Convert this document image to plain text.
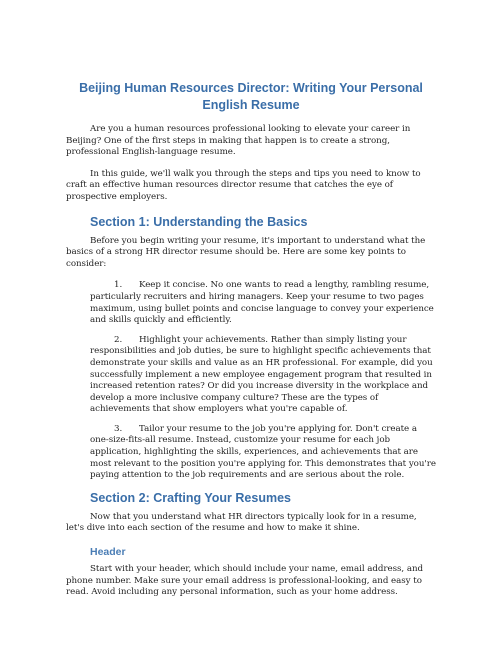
Beijing Human Resources Director: Writing Your Personal English Resume

Are you a human resources professional looking to elevate your career in Beijing? One of the first steps in making that happen is to create a strong, professional English-language resume.

In this guide, we'll walk you through the steps and tips you need to know to craft an effective human resources director resume that catches the eye of prospective employers.

Section 1: Understanding the Basics

Before you begin writing your resume, it's important to understand what the basics of a strong HR director resume should be. Here are some key points to consider:

1. Keep it concise. No one wants to read a lengthy, rambling resume, particularly recruiters and hiring managers. Keep your resume to two pages maximum, using bullet points and concise language to convey your experience and skills quickly and efficiently.
2. Highlight your achievements. Rather than simply listing your responsibilities and job duties, be sure to highlight specific achievements that demonstrate your skills and value as an HR professional. For example, did you successfully implement a new employee engagement program that resulted in increased retention rates? Or did you increase diversity in the workplace and develop a more inclusive company culture? These are the types of achievements that show employers what you're capable of.
3. Tailor your resume to the job you're applying for. Don't create a one-size-fits-all resume. Instead, customize your resume for each job application, highlighting the skills, experiences, and achievements that are most relevant to the position you're applying for. This demonstrates that you're paying attention to the job requirements and are serious about the role.
Section 2: Crafting Your Resumes

Now that you understand what HR directors typically look for in a resume, let's dive into each section of the resume and how to make it shine.

Header

Start with your header, which should include your name, email address, and phone number. Make sure your email address is professional-looking, and easy to read. Avoid including any personal information, such as your home address.
